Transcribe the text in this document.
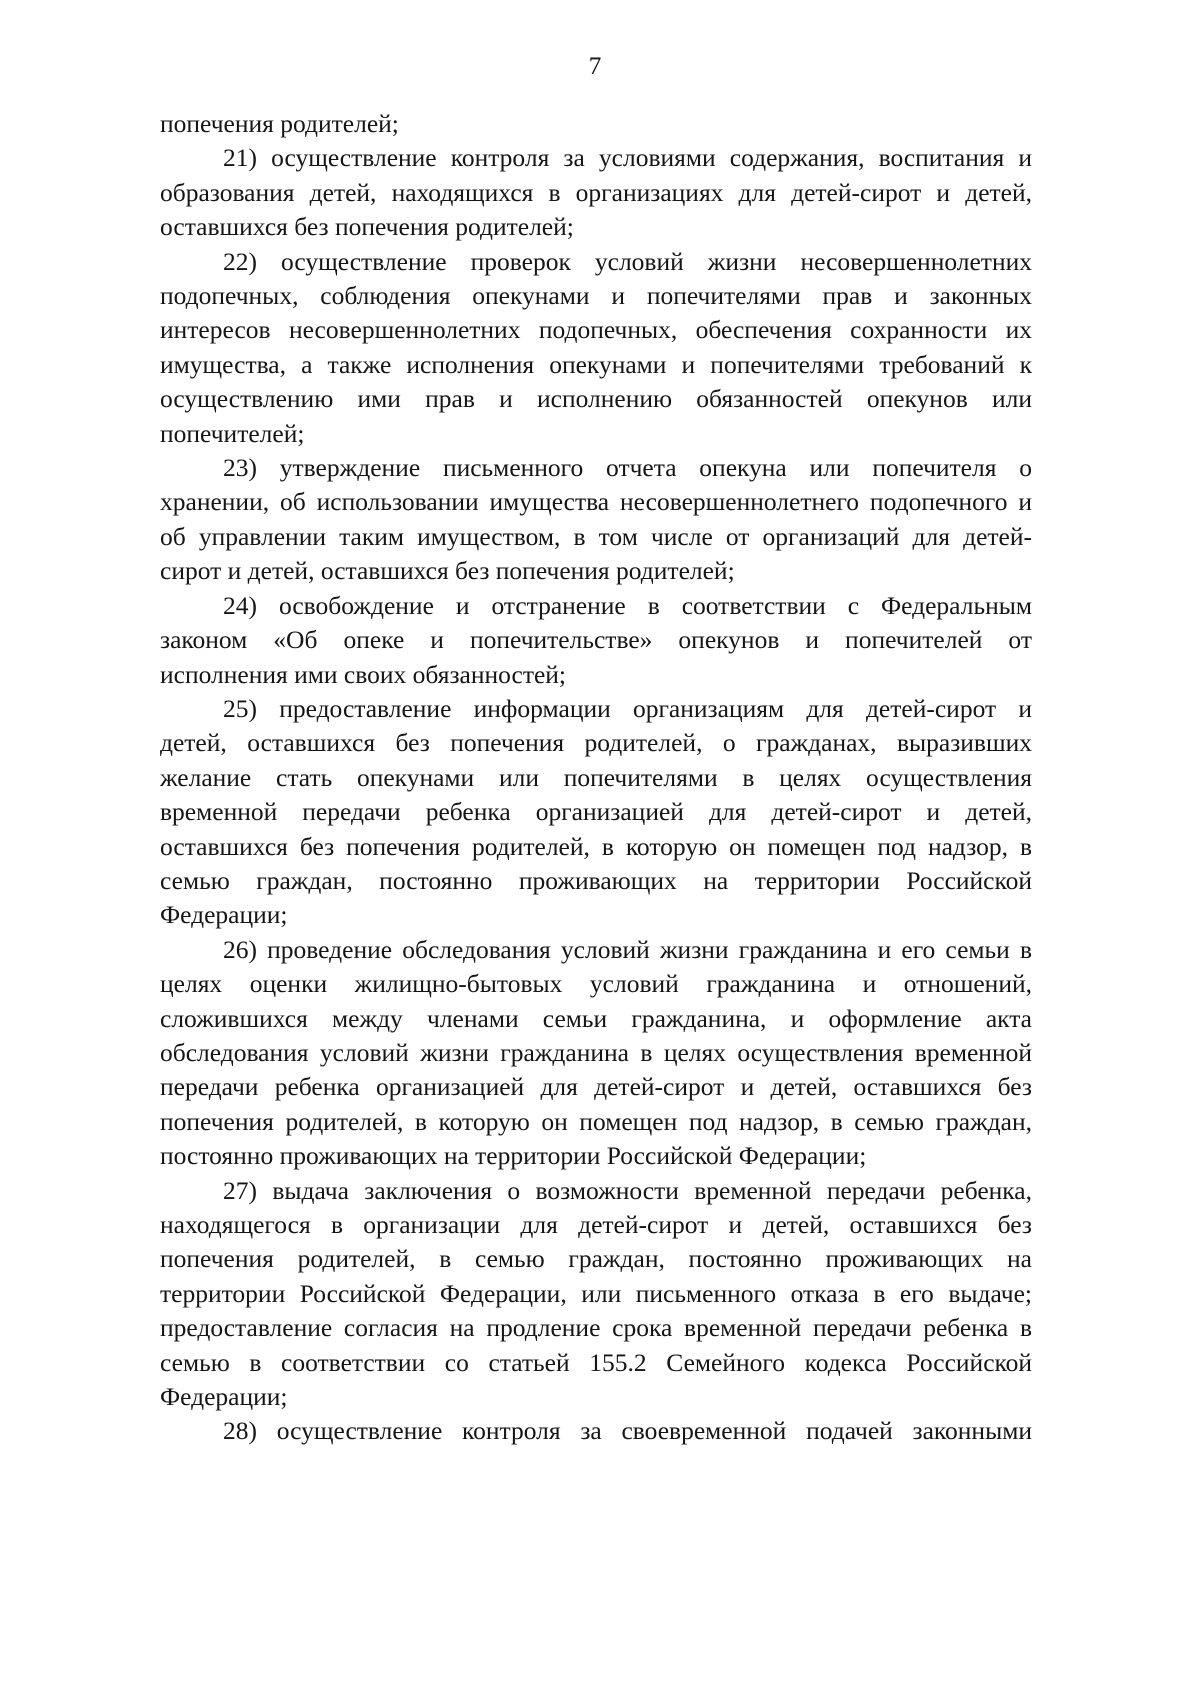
7
попечения родителей;
21) осуществление контроля за условиями содержания, воспитания и
образования детей, находящихся в организациях для детей-сирот и детей,
оставшихся без попечения родителей;
22) осуществление проверок условий жизни несовершеннолетних
подопечных, соблюдения опекунами и попечителями прав и законных
интересов несовершеннолетних подопечных, обеспечения сохранности их
имущества, а также исполнения опекунами и попечителями требований к
осуществлению ими прав и исполнению обязанностей опекунов или
попечителей;
23) утверждение письменного отчета опекуна или попечителя о
хранении, об использовании имущества несовершеннолетнего подопечного и
об управлении таким имуществом, в том числе от организаций для детей-
сирот и детей, оставшихся без попечения родителей;
24) освобождение и отстранение в соответствии с Федеральным
законом «Об опеке и попечительстве» опекунов и попечителей от
исполнения ими своих обязанностей;
25) предоставление информации организациям для детей-сирот и
детей, оставшихся без попечения родителей, о гражданах, выразивших
желание стать опекунами или попечителями в целях осуществления
временной передачи ребенка организацией для детей-сирот и детей,
оставшихся без попечения родителей, в которую он помещен под надзор, в
семью граждан, постоянно проживающих на территории Российской
Федерации;
26) проведение обследования условий жизни гражданина и его семьи в
целях оценки жилищно-бытовых условий гражданина и отношений,
сложившихся между членами семьи гражданина, и оформление акта
обследования условий жизни гражданина в целях осуществления временной
передачи ребенка организацией для детей-сирот и детей, оставшихся без
попечения родителей, в которую он помещен под надзор, в семью граждан,
постоянно проживающих на территории Российской Федерации;
27) выдача заключения о возможности временной передачи ребенка,
находящегося в организации для детей-сирот и детей, оставшихся без
попечения родителей, в семью граждан, постоянно проживающих на
территории Российской Федерации, или письменного отказа в его выдаче;
предоставление согласия на продление срока временной передачи ребенка в
семью в соответствии со статьей 155.2 Семейного кодекса Российской
Федерации;
28) осуществление контроля за своевременной подачей законными
